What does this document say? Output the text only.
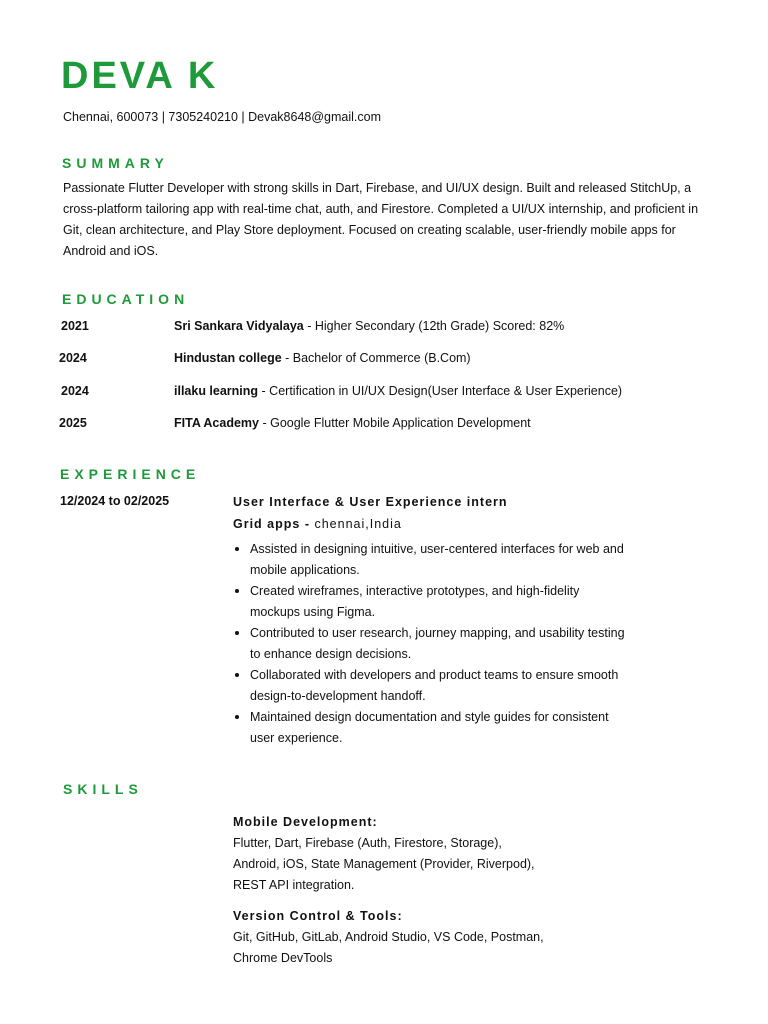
DEVA K
Chennai, 600073 | 7305240210 | Devak8648@gmail.com
SUMMARY
Passionate Flutter Developer with strong skills in Dart, Firebase, and UI/UX design. Built and released StitchUp, a cross-platform tailoring app with real-time chat, auth, and Firestore. Completed a UI/UX internship, and proficient in Git, clean architecture, and Play Store deployment. Focused on creating scalable, user-friendly mobile apps for Android and iOS.
EDUCATION
2021	Sri Sankara Vidyalaya - Higher Secondary (12th Grade) Scored: 82%
2024	Hindustan college - Bachelor of Commerce (B.Com)
2024	illaku learning - Certification in UI/UX Design(User Interface & User Experience)
2025	FITA Academy - Google Flutter Mobile Application Development
EXPERIENCE
12/2024 to 02/2025	User Interface & User Experience intern
Grid apps - chennai,India
Assisted in designing intuitive, user-centered interfaces for web and
mobile applications.
Created wireframes, interactive prototypes, and high-fidelity
mockups using Figma.
Contributed to user research, journey mapping, and usability testing
to enhance design decisions.
Collaborated with developers and product teams to ensure smooth
design-to-development handoff.
Maintained design documentation and style guides for consistent
user experience.
SKILLS
Mobile Development:
Flutter, Dart, Firebase (Auth, Firestore, Storage),
Android, iOS, State Management (Provider, Riverpod),
REST API integration.
Version Control & Tools:
Git, GitHub, GitLab, Android Studio, VS Code, Postman,
Chrome DevTools
